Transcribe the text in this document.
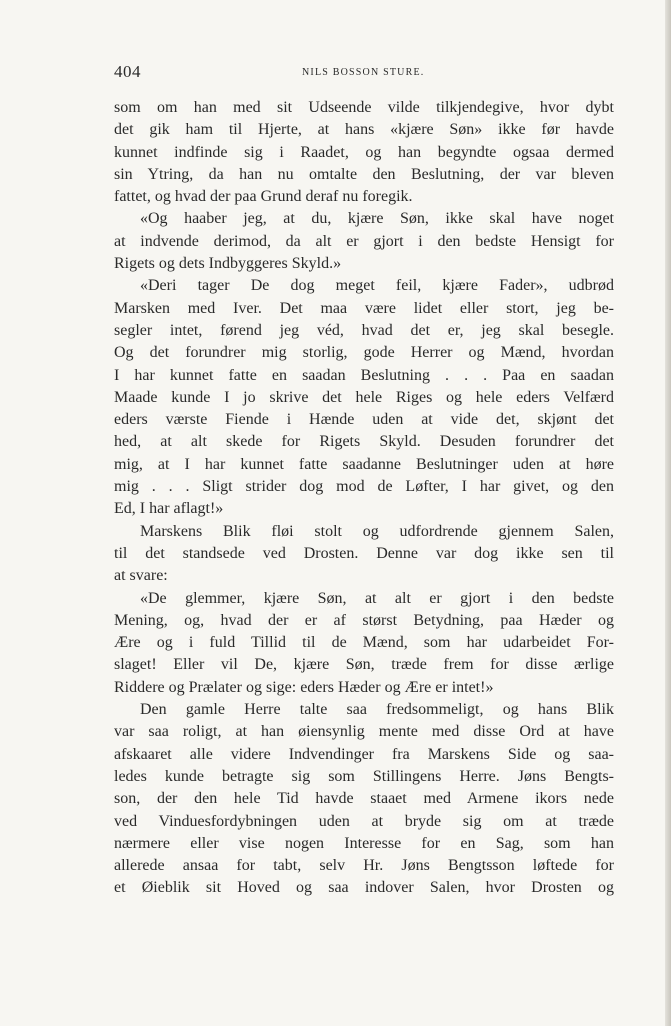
404	NILS BOSSON STURE.
som om han med sit Udseende vilde tilkjendegive, hvor dybt
det gik ham til Hjerte, at hans «kjære Søn» ikke før havde
kunnet indfinde sig i Raadet, og han begyndte ogsaa dermed
sin Ytring, da han nu omtalte den Beslutning, der var bleven
fattet, og hvad der paa Grund deraf nu foregik.
«Og haaber jeg, at du, kjære Søn, ikke skal have noget
at indvende derimod, da alt er gjort i den bedste Hensigt for
Rigets og dets Indbyggeres Skyld.»
«Deri tager De dog meget feil, kjære Fader», udbrød
Marsken med Iver. Det maa være lidet eller stort, jeg be-
segler intet, førend jeg véd, hvad det er, jeg skal besegle.
Og det forundrer mig storlig, gode Herrer og Mænd, hvordan
I har kunnet fatte en saadan Beslutning . . . Paa en saadan
Maade kunde I jo skrive det hele Riges og hele eders Velfærd
eders værste Fiende i Hænde uden at vide det, skjønt det
hed, at alt skede for Rigets Skyld. Desuden forundrer det
mig, at I har kunnet fatte saadanne Beslutninger uden at høre
mig . . . Sligt strider dog mod de Løfter, I har givet, og den
Ed, I har aflagt!»
Marskens Blik fløi stolt og udfordrende gjennem Salen,
til det standsede ved Drosten. Denne var dog ikke sen til
at svare:
«De glemmer, kjære Søn, at alt er gjort i den bedste
Mening, og, hvad der er af størst Betydning, paa Hæder og
Ære og i fuld Tillid til de Mænd, som har udarbeidet For-
slaget! Eller vil De, kjære Søn, træde frem for disse ærlige
Riddere og Prælater og sige: eders Hæder og Ære er intet!»
Den gamle Herre talte saa fredsommeligt, og hans Blik
var saa roligt, at han øiensynlig mente med disse Ord at have
afskaaret alle videre Indvendinger fra Marskens Side og saa-
ledes kunde betragte sig som Stillingens Herre. Jøns Bengts-
son, der den hele Tid havde staaet med Armene ikors nede
ved Vinduesfordybningen uden at bryde sig om at træde
nærmere eller vise nogen Interesse for en Sag, som han
allerede ansaa for tabt, selv Hr. Jøns Bengtsson løftede for
et Øieblik sit Hoved og saa indover Salen, hvor Drosten og
